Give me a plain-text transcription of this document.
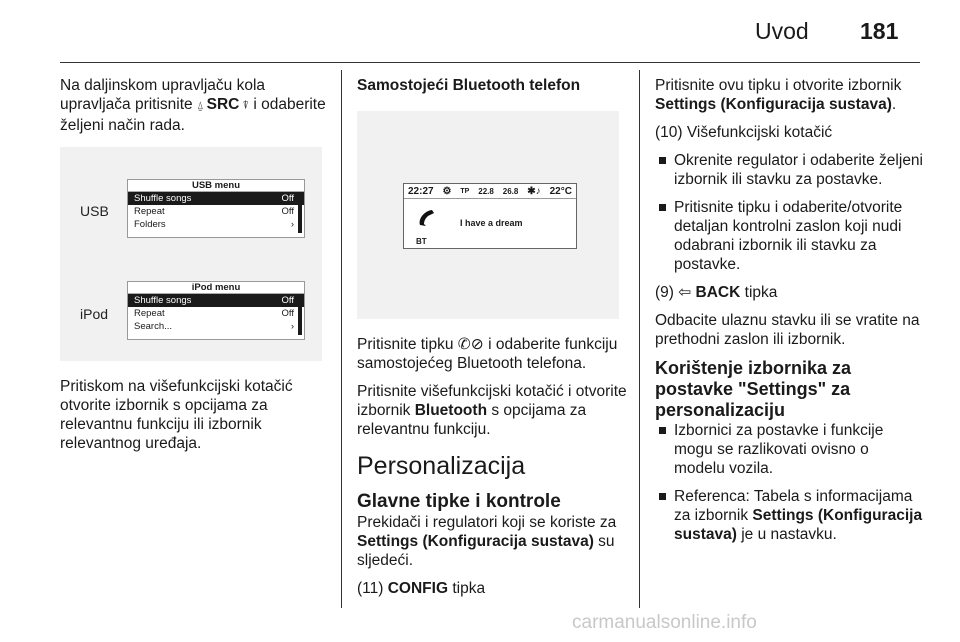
Uvod 181

Na daljinskom upravljaču kola upravljača pritisnite ⍙ SRC ⍒ i odaberite željeni način rada.

USB
USB menu
Shuffle songs	Off
Repeat	Off
Folders	›
iPod
iPod menu
Shuffle songs	Off
Repeat	Off
Search...	›

Pritiskom na višefunkcijski kotačić otvorite izbornik s opcijama za relevantnu funkciju ili izbornik relevantnog uređaja.

Samostojeći Bluetooth telefon
22:27 ⚙ TP 22.8 26.8 ✱♪ 22°C
BT
I have a dream

Pritisnite tipku ✆⊘ i odaberite funkciju samostojećeg Bluetooth telefona.

Pritisnite višefunkcijski kotačić i otvorite izbornik Bluetooth s opcijama za relevantnu funkciju.

Personalizacija
Glavne tipke i kontrole

Prekidači i regulatori koji se koriste za Settings (Konfiguracija sustava) su sljedeći.

(11) CONFIG tipka

Pritisnite ovu tipku i otvorite izbornik Settings (Konfiguracija sustava).

(10) Višefunkcijski kotačić

Okrenite regulator i odaberite željeni izbornik ili stavku za postavke.
Pritisnite tipku i odaberite/otvorite detaljan kontrolni zaslon koji nudi odabrani izbornik ili stavku za postavke.

(9) ⇦ BACK tipka

Odbacite ulaznu stavku ili se vratite na prethodni zaslon ili izbornik.

Korištenje izbornika za postavke "Settings" za personalizaciju
Izbornici za postavke i funkcije mogu se razlikovati ovisno o modelu vozila.
Referenca: Tabela s informacijama za izbornik Settings (Konfiguracija sustava) je u nastavku.
carmanualsonline.info
